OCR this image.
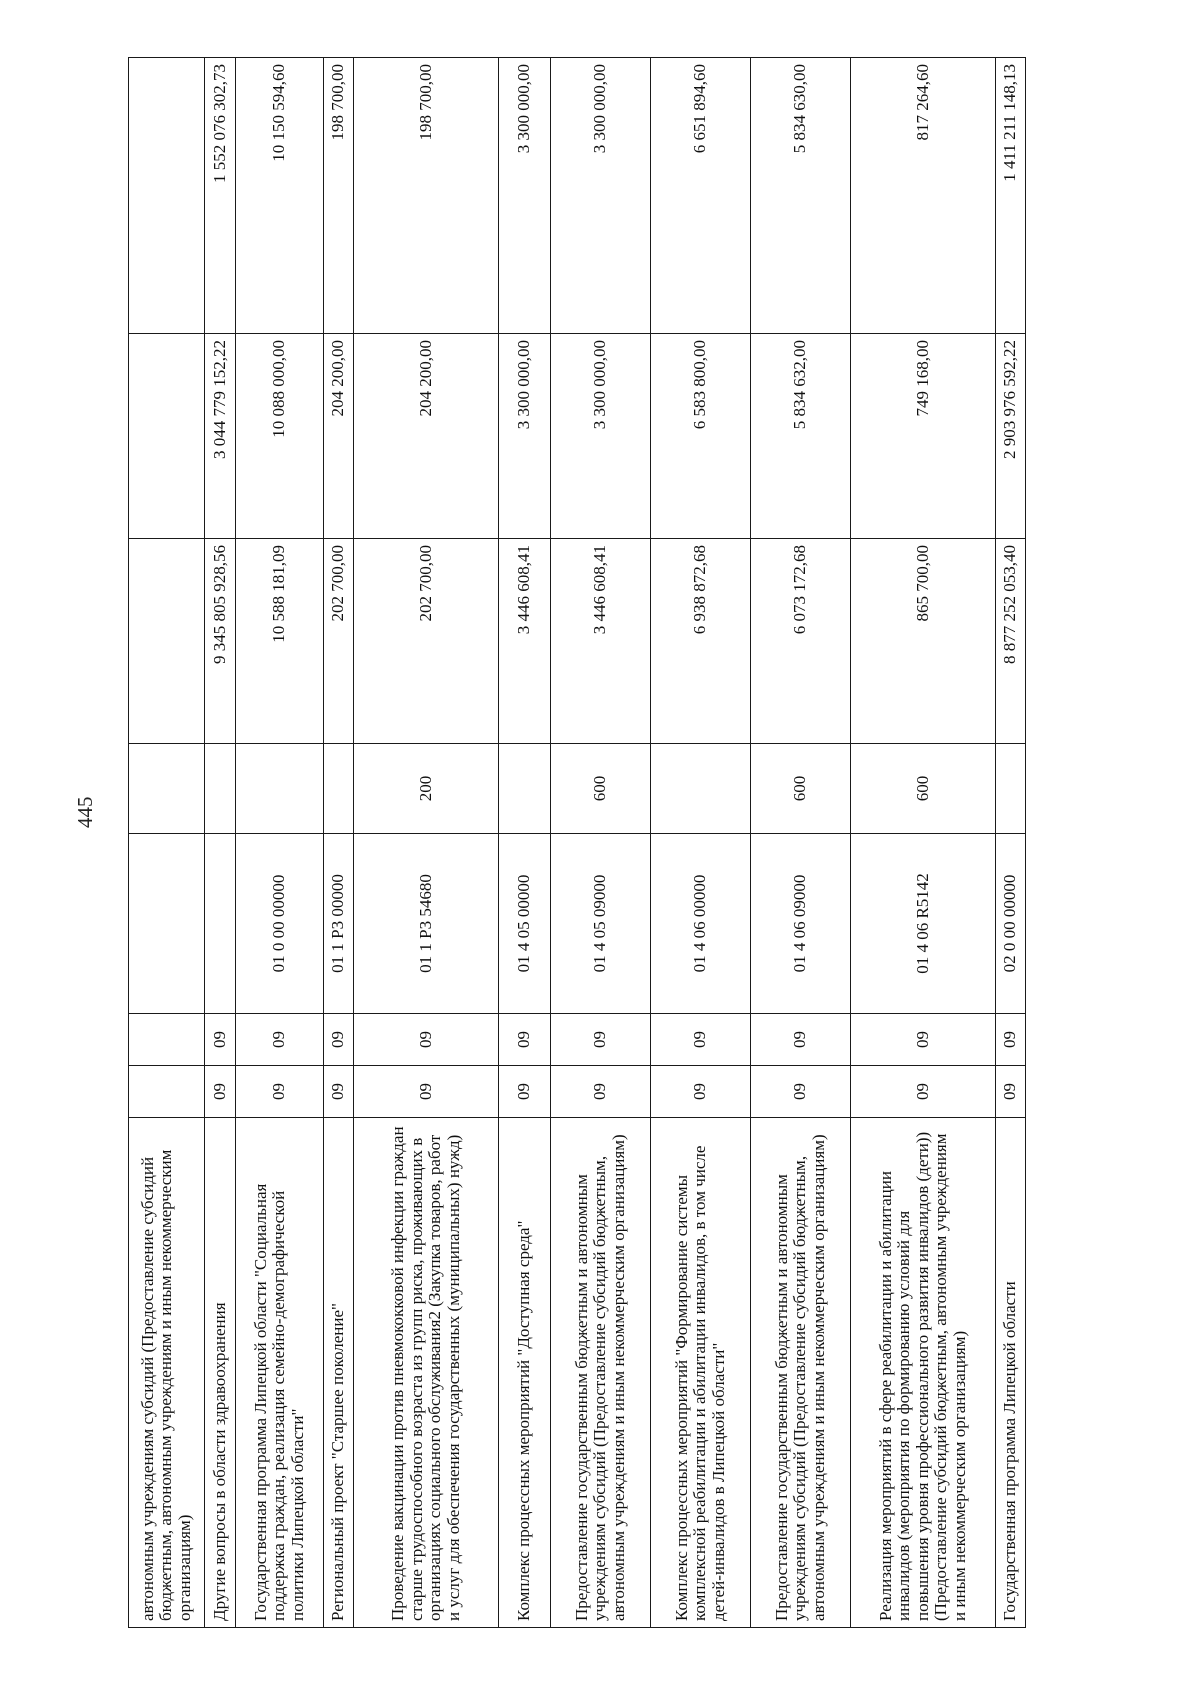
445
автономным учреждениям субсидий (Предоставление субсидий бюджетным, автономным учреждениям и иным некоммерческим организациям)							
Другие вопросы в области здравоохранения	09	09			9 345 805 928,56	3 044 779 152,22	1 552 076 302,73
Государственная программа Липецкой области "Социальная поддержка граждан, реализация семейно-демографической политики Липецкой области"	09	09	01 0 00 00000		10 588 181,09	10 088 000,00	10 150 594,60
Региональный проект "Старшее поколение"	09	09	01 1 P3 00000		202 700,00	204 200,00	198 700,00
Проведение вакцинации против пневмококковой инфекции граждан старше трудоспособного возраста из групп риска, проживающих в организациях социального обслуживания2 (Закупка товаров, работ и услуг для обеспечения государственных (муниципальных) нужд)	09	09	01 1 P3 54680	200	202 700,00	204 200,00	198 700,00
Комплекс процессных мероприятий "Доступная среда"	09	09	01 4 05 00000		3 446 608,41	3 300 000,00	3 300 000,00
Предоставление государственным бюджетным и автономным учреждениям субсидий (Предоставление субсидий бюджетным, автономным учреждениям и иным некоммерческим организациям)	09	09	01 4 05 09000	600	3 446 608,41	3 300 000,00	3 300 000,00
Комплекс процессных мероприятий "Формирование системы комплексной реабилитации и абилитации инвалидов, в том числе детей-инвалидов в Липецкой области"	09	09	01 4 06 00000		6 938 872,68	6 583 800,00	6 651 894,60
Предоставление государственным бюджетным и автономным учреждениям субсидий (Предоставление субсидий бюджетным, автономным учреждениям и иным некоммерческим организациям)	09	09	01 4 06 09000	600	6 073 172,68	5 834 632,00	5 834 630,00
Реализация мероприятий в сфере реабилитации и абилитации инвалидов (мероприятия по формированию условий для повышения уровня профессионального развития инвалидов (дети)) (Предоставление субсидий бюджетным, автономным учреждениям и иным некоммерческим организациям)	09	09	01 4 06 R5142	600	865 700,00	749 168,00	817 264,60
Государственная программа Липецкой области	09	09	02 0 00 00000		8 877 252 053,40	2 903 976 592,22	1 411 211 148,13
